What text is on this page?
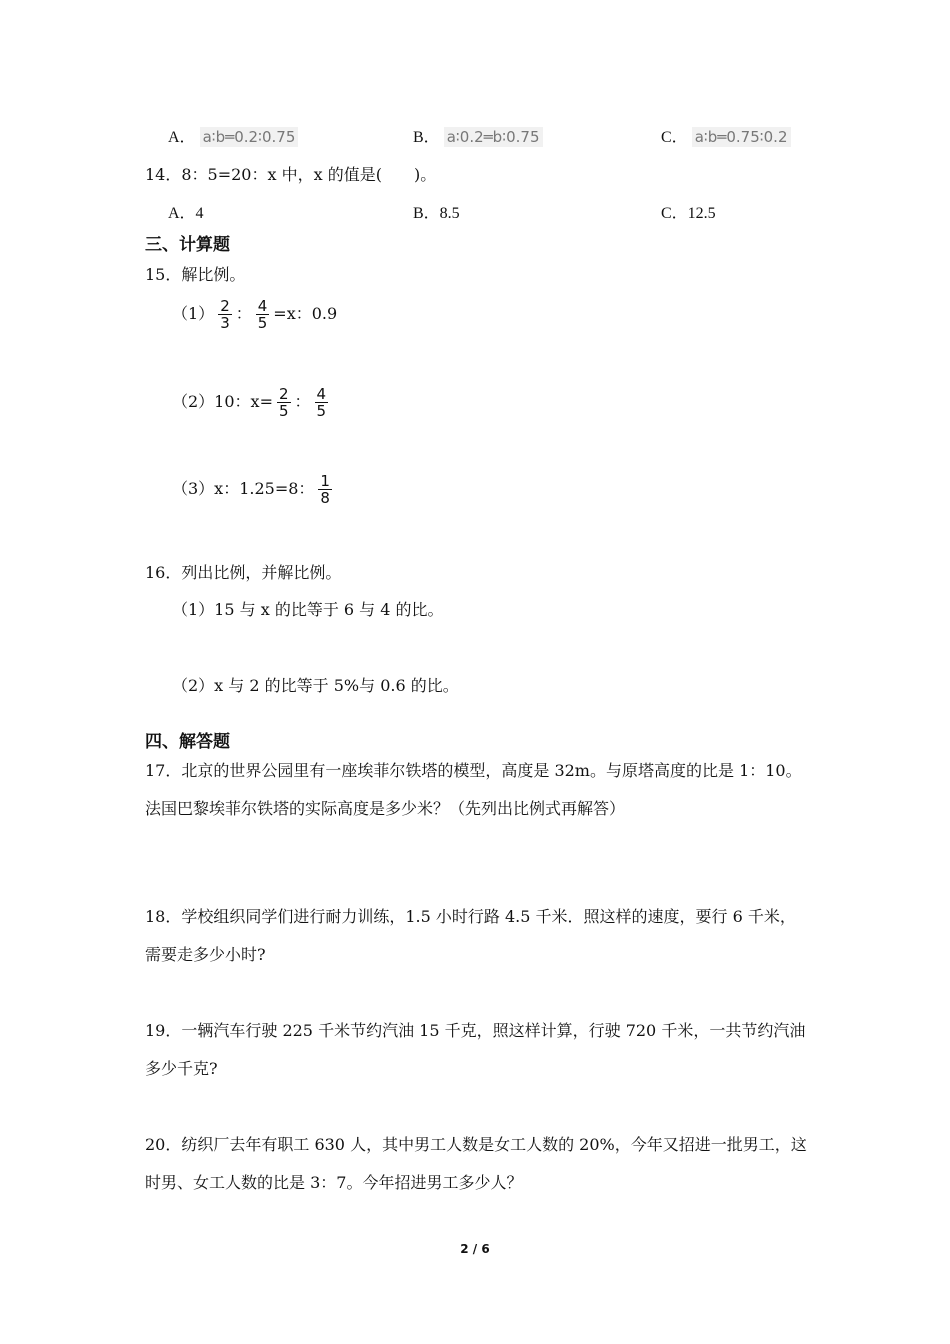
A． a∶b═0.2∶0.75	B． a∶0.2═b∶0.75	C． a∶b═0.75∶0.2
14．8：5=20：x 中，x 的值是(　　)。
A．4	B．8.5	C．12.5
三、计算题
15．解比例。
$(1) \frac{2}{3}$ ： $\frac{4}{5} =x$：0.9
（2）10：$x= \frac{2}{5}$ ： $\frac{4}{5}$
（3）x：1.25=8： $\frac{1}{8}$
16．列出比例，并解比例。
（1）15 与 x 的比等于 6 与 4 的比。
（2）x 与 2 的比等于 5%与 0.6 的比。
四、解答题
17．北京的世界公园里有一座埃菲尔铁塔的模型，高度是 32m。与原塔高度的比是 1：10。法国巴黎埃菲尔铁塔的实际高度是多少米？（先列出比例式再解答）
18．学校组织同学们进行耐力训练，1.5 小时行路 4.5 千米．照这样的速度，要行 6 千米，需要走多少小时?
19．一辆汽车行驶 225 千米节约汽油 15 千克，照这样计算，行驶 720 千米，一共节约汽油多少千克?
20．纺织厂去年有职工 630 人，其中男工人数是女工人数的 20%，今年又招进一批男工，这时男、女工人数的比是 3：7。今年招进男工多少人？
2 / 6
